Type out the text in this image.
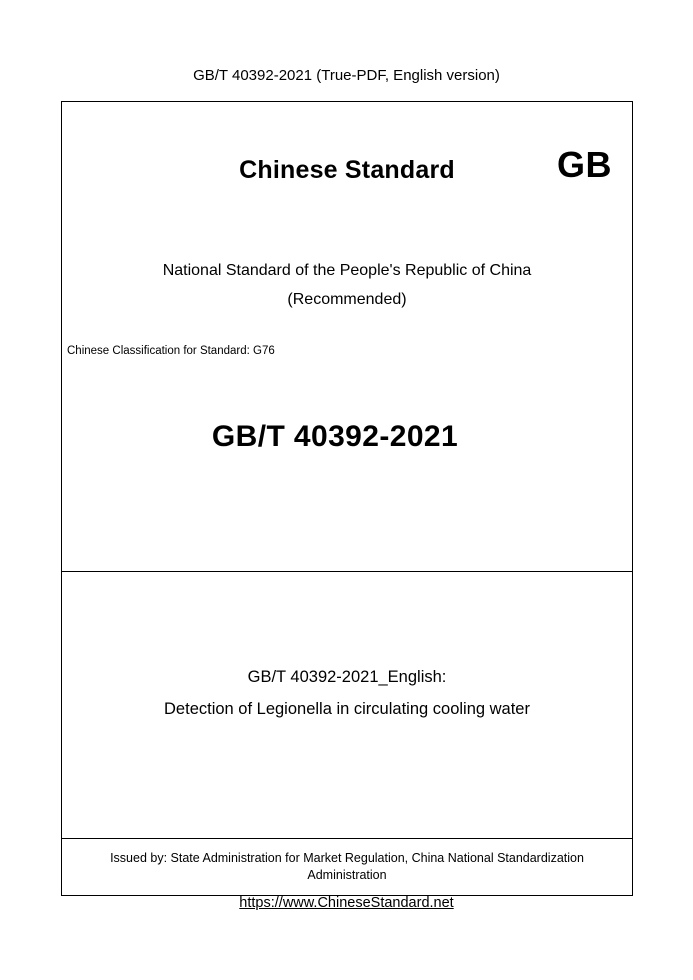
GB/T 40392-2021 (True-PDF, English version)
Chinese Standard	GB
National Standard of the People's Republic of China
(Recommended)
Chinese Classification for Standard: G76
GB/T 40392-2021
GB/T 40392-2021_English:
Detection of Legionella in circulating cooling water
Issued by: State Administration for Market Regulation, China National Standardization Administration
https://www.ChineseStandard.net
